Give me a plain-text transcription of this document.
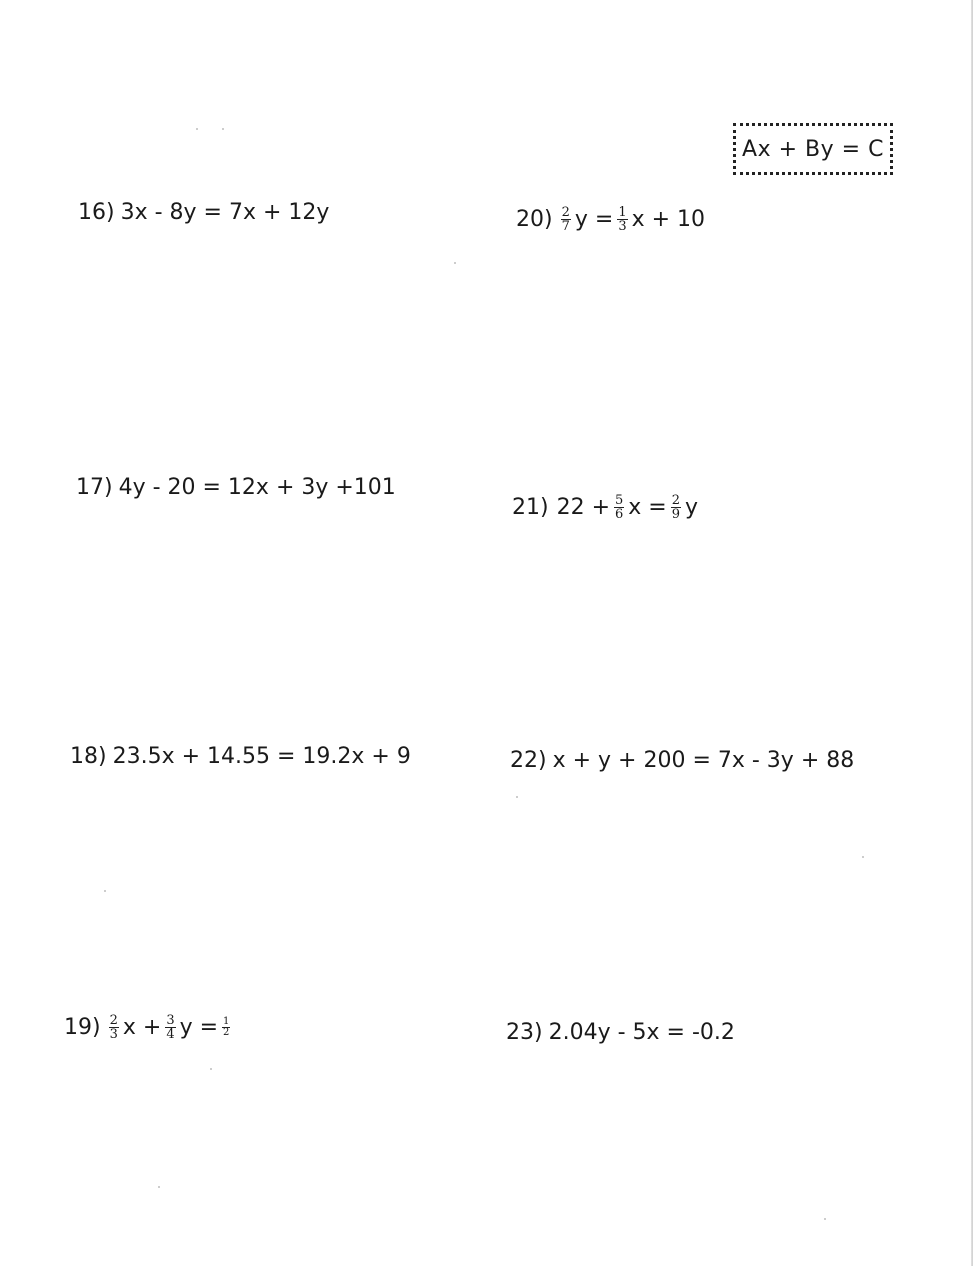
Ax + By = C
16) 3x - 8y = 7x + 12y
17) 4y - 20 = 12x + 3y +101
18) 23.5x + 14.55 = 19.2x + 9
$19) \frac{2}{3}$ $x + \frac{3}{4}$ $y = \frac{1}{2}$
$20) \frac{2}{7}$ $y = \frac{1}{3}$ x + 10
21) $22 + \frac{5}{6}$ $x = \frac{2}{9}$ y
22) x + y + 200 = 7x - 3y + 88
23) 2.04y - 5x = -0.2
